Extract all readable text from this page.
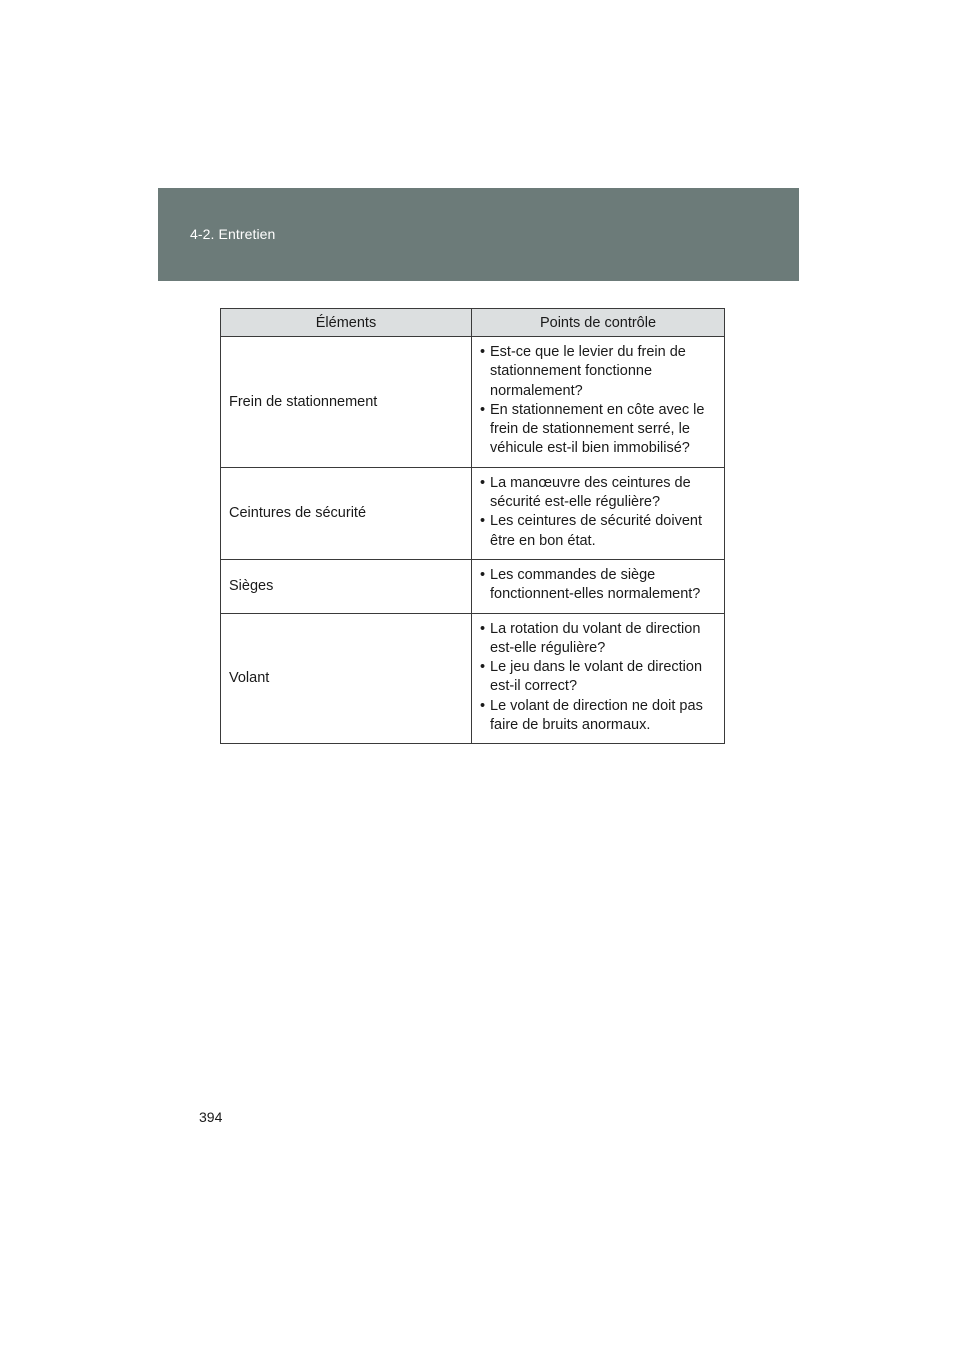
4-2. Entretien
Éléments	Points de contrôle
Frein de stationnement	• Est-ce que le levier du frein de stationnement fonctionne normalement?
• En stationnement en côte avec le frein de stationnement serré, le véhicule est-il bien immobilisé?

Ceintures de sécurité	• La manœuvre des ceintures de sécurité est-elle régulière?
• Les ceintures de sécurité doivent être en bon état.

Sièges	• Les commandes de siège fonctionnent-elles normalement?

Volant	• La rotation du volant de direction est-elle régulière?
• Le jeu dans le volant de direction est-il correct?
• Le volant de direction ne doit pas faire de bruits anormaux.
394
